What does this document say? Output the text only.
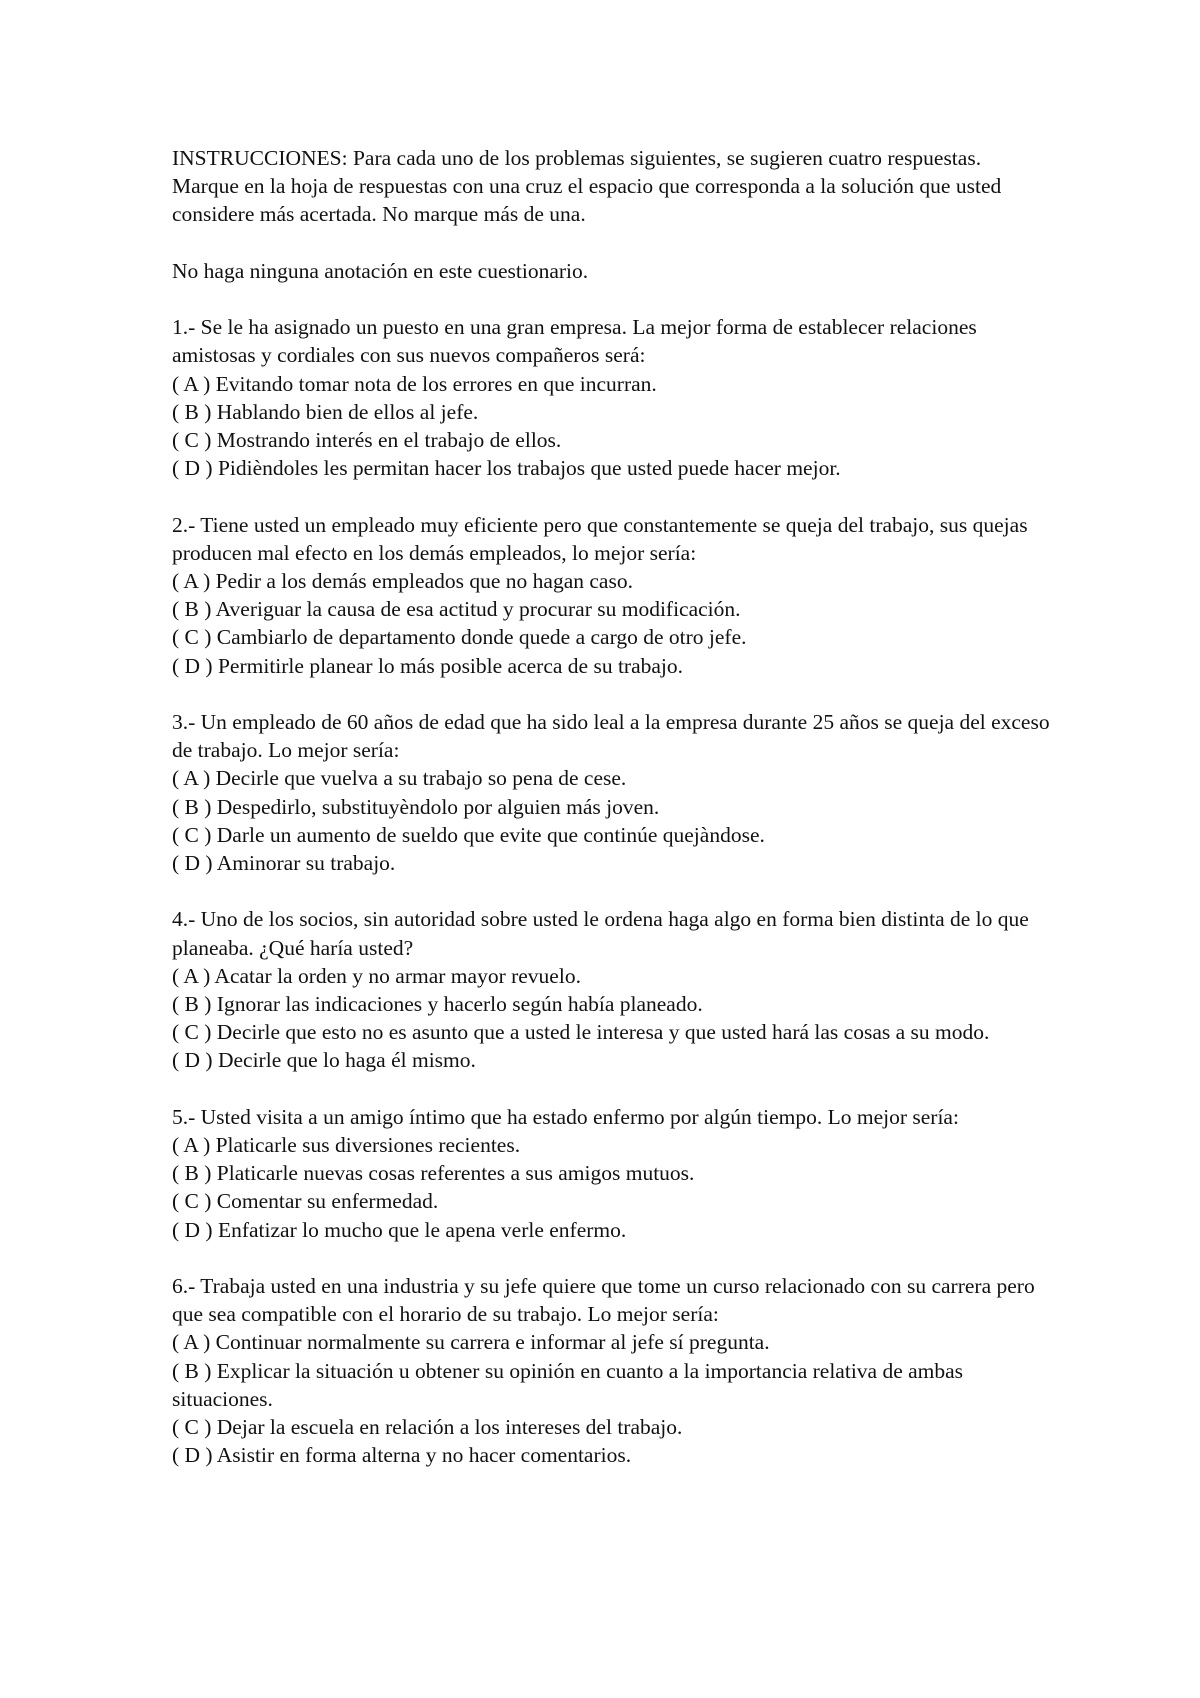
INSTRUCCIONES: Para cada uno de los problemas siguientes, se sugieren cuatro respuestas. Marque en la hoja de respuestas con una cruz el espacio que corresponda a la solución que usted considere más acertada. No marque más de una.

No haga ninguna anotación en este cuestionario.

1.- Se le ha asignado un puesto en una gran empresa. La mejor forma de establecer relaciones amistosas y cordiales con sus nuevos compañeros será:

( A ) Evitando tomar nota de los errores en que incurran.
( B ) Hablando bien de ellos al jefe.
( C ) Mostrando interés en el trabajo de ellos.
( D ) Pidièndoles les permitan hacer los trabajos que usted puede hacer mejor.

2.- Tiene usted un empleado muy eficiente pero que constantemente se queja del trabajo, sus quejas producen mal efecto en los demás empleados, lo mejor sería:

( A ) Pedir a los demás empleados que no hagan caso.
( B ) Averiguar la causa de esa actitud y procurar su modificación.
( C ) Cambiarlo de departamento donde quede a cargo de otro jefe.
( D ) Permitirle planear lo más posible acerca de su trabajo.

3.- Un empleado de 60 años de edad que ha sido leal a la empresa durante 25 años se queja del exceso de trabajo. Lo mejor sería:

( A ) Decirle que vuelva a su trabajo so pena de cese.
( B ) Despedirlo, substituyèndolo por alguien más joven.
( C ) Darle un aumento de sueldo que evite que continúe quejàndose.
( D ) Aminorar su trabajo.

4.- Uno de los socios, sin autoridad sobre usted le ordena haga algo en forma bien distinta de lo que planeaba. ¿Qué haría usted?

( A ) Acatar la orden y no armar mayor revuelo.
( B ) Ignorar las indicaciones y hacerlo según había planeado.
( C ) Decirle que esto no es asunto que a usted le interesa y que usted hará las cosas a su modo.
( D ) Decirle que lo haga él mismo.

5.- Usted visita a un amigo íntimo que ha estado enfermo por algún tiempo. Lo mejor sería:

( A ) Platicarle sus diversiones recientes.
( B ) Platicarle nuevas cosas referentes a sus amigos mutuos.
( C ) Comentar su enfermedad.
( D ) Enfatizar lo mucho que le apena verle enfermo.

6.- Trabaja usted en una industria y su jefe quiere que tome un curso relacionado con su carrera pero que sea compatible con el horario de su trabajo. Lo mejor sería:

( A ) Continuar normalmente su carrera e informar al jefe sí pregunta.
( B ) Explicar la situación u obtener su opinión en cuanto a la importancia relativa de ambas situaciones.
( C ) Dejar la escuela en relación a los intereses del trabajo.
( D ) Asistir en forma alterna y no hacer comentarios.
